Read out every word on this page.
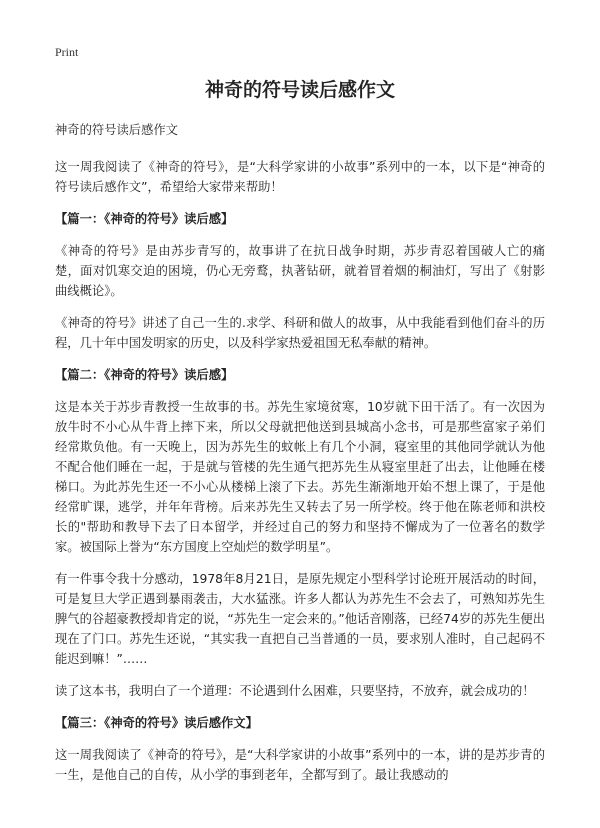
Print
神奇的符号读后感作文

神奇的符号读后感作文

这一周我阅读了《神奇的符号》，是“大科学家讲的小故事”系列中的一本，以下是“神奇的符号读后感作文”，希望给大家带来帮助！

【篇一：《神奇的符号》读后感】

《神奇的符号》是由苏步青写的，故事讲了在抗日战争时期，苏步青忍着国破人亡的痛楚，面对饥寒交迫的困境，仍心无旁鹜，执著钻研，就着冒着烟的桐油灯，写出了《射影曲线概论》。

《神奇的符号》讲述了自己一生的.求学、科研和做人的故事，从中我能看到他们奋斗的历程，几十年中国发明家的历史，以及科学家热爱祖国无私奉献的精神。

【篇二：《神奇的符号》读后感】

这是本关于苏步青教授一生故事的书。苏先生家境贫寒，10岁就下田干活了。有一次因为放牛时不小心从牛背上摔下来，所以父母就把他送到县城高小念书，可是那些富家子弟们经常欺负他。有一天晚上，因为苏先生的蚊帐上有几个小洞，寝室里的其他同学就认为他不配合他们睡在一起，于是就与管楼的先生通气把苏先生从寝室里赶了出去，让他睡在楼梯口。为此苏先生还一不小心从楼梯上滚了下去。苏先生渐渐地开始不想上课了，于是他经常旷课，逃学，并年年背榜。后来苏先生又转去了另一所学校。终于他在陈老师和洪校长的"帮助和教导下去了日本留学，并经过自己的努力和坚持不懈成为了一位著名的数学家。被国际上誉为“东方国度上空灿烂的数学明星”。

有一件事令我十分感动，1978年8月21日，是原先规定小型科学讨论班开展活动的时间，可是复旦大学正遇到暴雨袭击，大水猛涨。许多人都认为苏先生不会去了，可熟知苏先生脾气的谷超豪教授却肯定的说，“苏先生一定会来的。”他话音刚落，已经74岁的苏先生便出现在了门口。苏先生还说，“其实我一直把自己当普通的一员，要求别人准时，自己起码不能迟到嘛！”……

读了这本书，我明白了一个道理：不论遇到什么困难，只要坚持，不放弃，就会成功的！

【篇三：《神奇的符号》读后感作文】

这一周我阅读了《神奇的符号》，是“大科学家讲的小故事”系列中的一本，讲的是苏步青的一生，是他自己的自传，从小学的事到老年，全都写到了。最让我感动的
